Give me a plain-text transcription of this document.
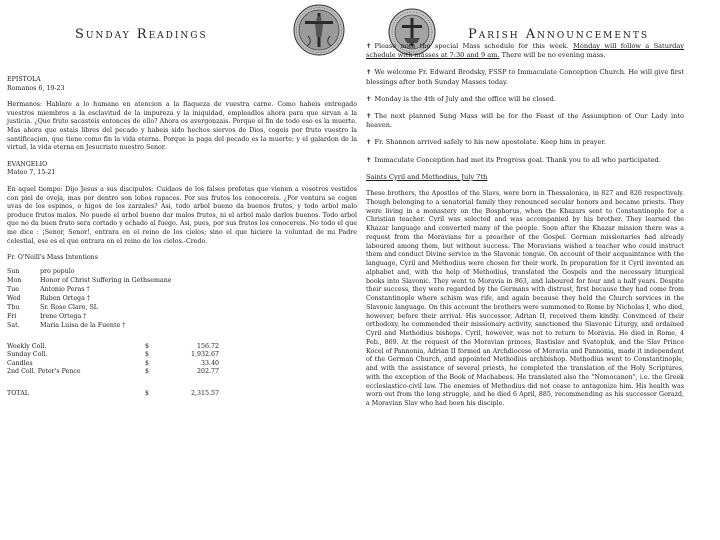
Sunday Readings	Parish Announcements
EPISTOLA
Romanos 6, 19-23

Hermanos: Hablare a lo humano en atencion a la flaqueza de vuestra carne. Como habeis entregado vuestros miembros a la esclavitud de la impureza y la iniquidad, empleadlos ahora para que sirvan a la justicia. ¿Que fruto sacasteis entonces de ello? Ahora os avergonzais. Porque el fin de todo eso es la muerte. Mas ahora que estais libres del pecado y habeis sido hechos siervos de Dios, cogeis por fruto vuestro la santificacion, que tiene como fin la vida eterna. Porque la paga del pecado es la muerte; y el galardon de la virtud, la vida eterna en Jesucristo nuestro Senor.

EVANGELIO
Mateo 7, 15-21

En aquel tiempo: Dijo Jesus a sus discipulos: Cuidaos de los falsos profetas que vienen a vosotros vestidos con piel de oveja, mas por dentro son lobos rapaces. Por sus frutos los conocereis. ¿Por ventura se cogen uvas de los espinos, o higos de los zarzales? Asi, todo arbol bueno da buenos frutos, y todo arbol malo produce frutos malos. No puede el arbol bueno dar malos frutos, ni el arbol malo darlos buenos. Todo arbol que no da buen fruto sera cortado y echado al fuego. Asi, pues, por sus frutos los conocereis. No todo el que me dice : ¡Senor, Senor!, entrara en el reino de los cielos; sino el que hiciere la voluntad de mi Padre celestial, ese es el que entrara en el reino de los cielos.-Credo.

Fr. O'Neill's Mass Intentions
Sun	pro populo
Mon	Honor of Christ Suffering in Gethsemane
Tue	Antonio Peras †
Wed	Ruben Ortega †
Thu	Sr. Rose Clare, SL
Fri	Irene Ortega †
Sat.	Maria Luisa de la Fuente †
Weekly Coll.	$	156.72
Sunday Coll.	$	1,932.67
Candles	$	33.40
2nd Coll. Peter's Pence	$	202.77

TOTAL	$	2,315.57

✝ Please note the special Mass schedule for this week. Monday will follow a Saturday schedule with masses at 7:30 and 9 am. There will be no evening mass.

✝ We welcome Fr. Edward Brodsky, FSSP to Immaculate Conception Church. He will give first blessings after both Sunday Masses today.

✝ Monday is the 4th of July and the office will be closed.

✝ The next planned Sung Mass will be for the Feast of the Assumption of Our Lady into heaven.

✝ Fr. Shannon arrived safely to his new apostolate. Keep him in prayer.

✝ Immaculate Conception had met its Progress goal. Thank you to all who participated.

Saints Cyril and Methodius, July 7th

These brothers, the Apostles of the Slavs, were born in Thessalonica, in 827 and 826 respectively. Though belonging to a senatorial family they renounced secular honors and became priests. They were living in a monastery on the Bosphorus, when the Khazars sent to Constantinople for a Christian teacher. Cyril was selected and was accompanied by his brother. They learned the Khazar language and converted many of the people. Soon after the Khazar mission there was a request from the Moravians for a preacher of the Gospel. German missionaries had already laboured among them, but without success. The Moravians wished a teacher who could instruct them and conduct Divine service in the Slavonic tongue. On account of their acquaintance with the language, Cyril and Methodius were chosen for their work. In preparation for it Cyril invented an alphabet and, with the help of Methodius, translated the Gospels and the necessary liturgical books into Slavonic. They went to Moravia in 863, and laboured for four and a half years. Despite their success, they were regarded by the Germans with distrust, first because they had come from Constantinople where schism was rife, and again because they held the Church services in the Slavonic language. On this account the brothers were summoned to Rome by Nicholas I, who died, however, before their arrival. His successor, Adrian II, received them kindly. Convinced of their orthodoxy, he commended their missionary activity, sanctioned the Slavonic Liturgy, and ordained Cyril and Methodius bishops. Cyril, however, was not to return to Moravia. He died in Rome, 4 Feb., 869. At the request of the Moravian princes, Rastislav and Svatopluk, and the Slav Prince Kocel of Pannonia, Adrian II formed an Archdiocese of Moravia and Pannonia, made it independent of the German Church, and appointed Methodius archbishop. Methodius went to Constantinople, and with the assistance of several priests, he completed the translation of the Holy Scriptures, with the exception of the Book of Machabees. He translated also the "Nomocanon", i.e. the Greek ecclesiastico-civil law. The enemies of Methodius did not cease to antagonize him. His health was worn out from the long struggle, and he died 6 April, 885, recommending as his successor Gorazd, a Moravian Slav who had been his disciple.
